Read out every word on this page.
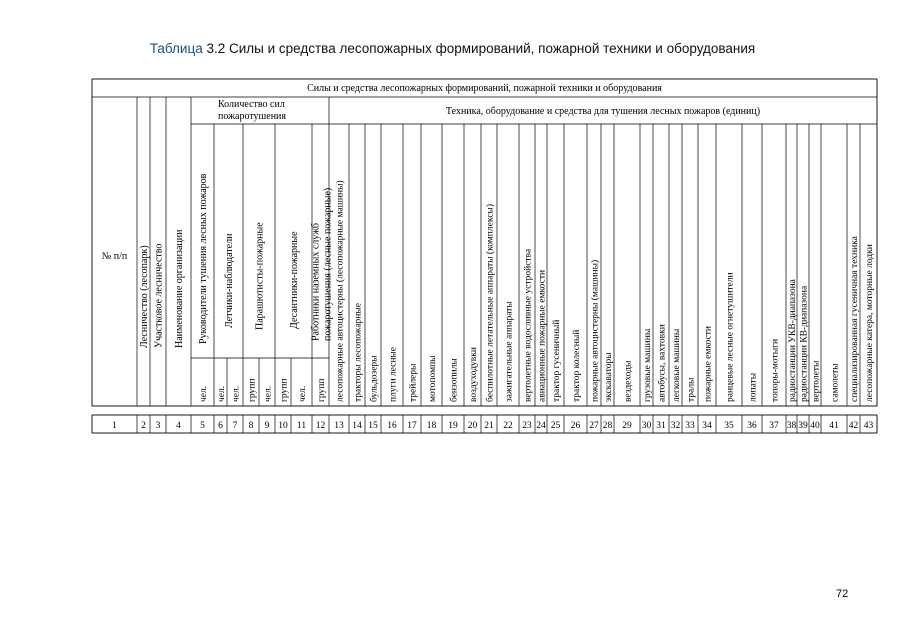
Таблица 3.2 Силы и средства лесопожарных формирований, пожарной техники и оборудования
Силы и средства лесопожарных формирований, пожарной техники и оборудования
Количество сил
пожаротушения	Техника, оборудование и средства для тушения лесных пожаров (единиц)
№ п/п Лесничество (лесопарк) Участковое лесничество Наименование организации Руководители тушения лесных пожаров Летчики-наблюдатели Парашютисты-пожарные Десантники-пожарные Работники наземных служб пожаротушения (лесные пожарные)
чел. чел. чел. групп чел. групп чел. групп лесопожарные автоцистерны (лесопожарные машины) тракторы лесопожарные бульдозеры плуги лесные трейлеры мотопомпы бензопилы воздуходувки беспилотные летательные аппараты (комплексы) зажигательные аппараты вертолетные водосливные устройства авиационные пожарные емкости трактор гусеничный трактор колесный пожарные автоцистерны (машины) экскаваторы вездеходы грузовые машины автобусы, вахтовки легковые машины тралы пожарные емкости ранцевые лесные огнетушители лопаты топоры-мотыги радиостанции УКВ-диапазона радиостанции КВ-диапазона вертолеты самолеты специализированная гусеничная техника лесопожарные катера, моторные лодки
1	2 3 4 5 6 7 8 9 10 11 12 13 14 15 16 17 18 19 20 21 22 23 24 25 26 27 28 29 30 31 32 33 34 35 36 37 38 39 40 41 42 43
72
